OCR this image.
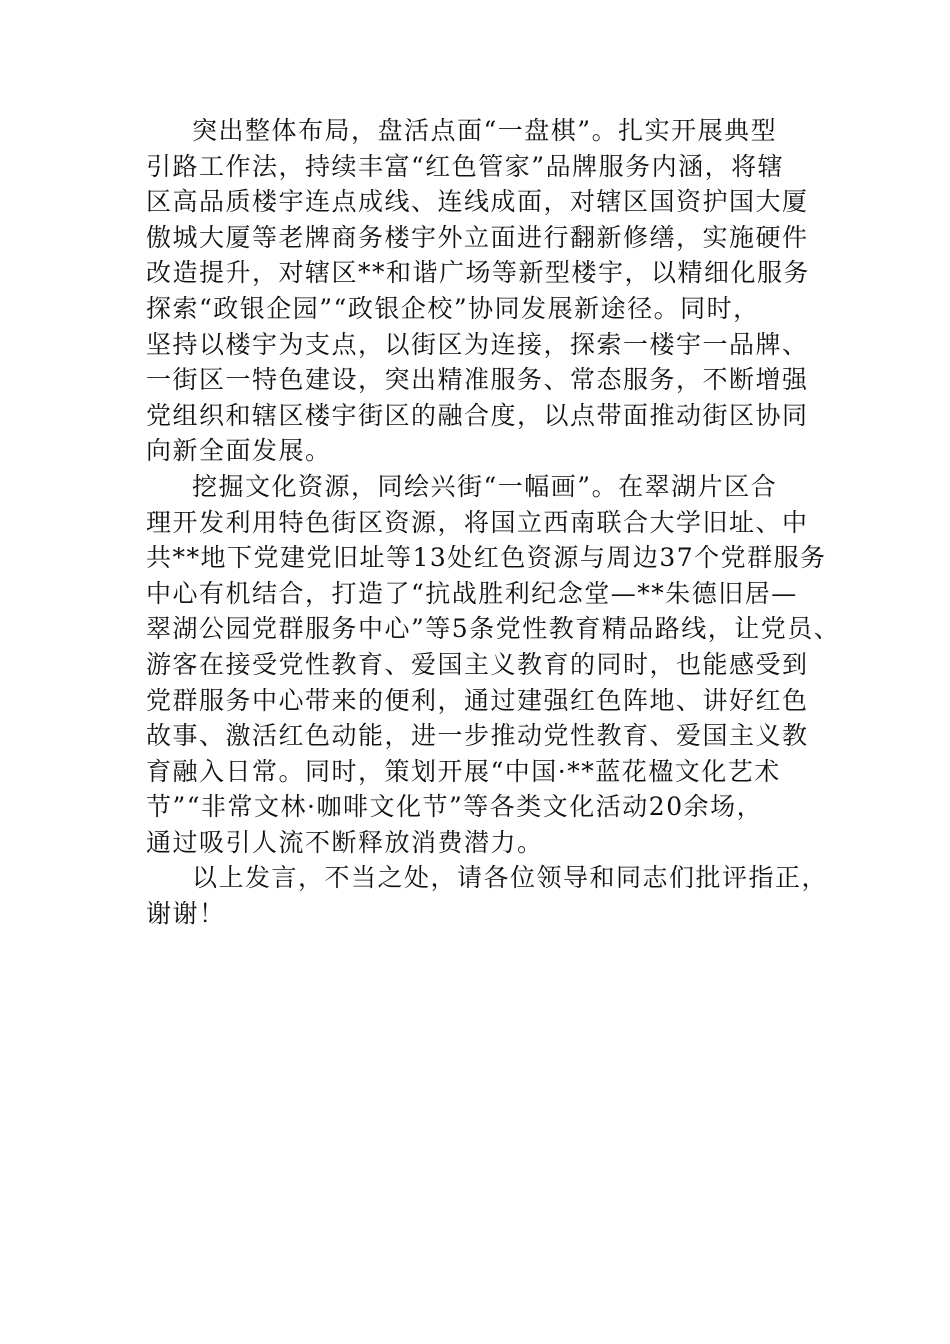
突出整体布局，盘活点面“一盘棋”。扎实开展典型
引路工作法，持续丰富“红色管家”品牌服务内涵，将辖
区高品质楼宇连点成线、连线成面，对辖区国资护国大厦
傲城大厦等老牌商务楼宇外立面进行翻新修缮，实施硬件
改造提升，对辖区**和谐广场等新型楼宇，以精细化服务
探索“政银企园”“政银企校”协同发展新途径。同时，
坚持以楼宇为支点，以街区为连接，探索一楼宇一品牌、
一街区一特色建设，突出精准服务、常态服务，不断增强
党组织和辖区楼宇街区的融合度，以点带面推动街区协同
向新全面发展。
挖掘文化资源，同绘兴街“一幅画”。在翠湖片区合
理开发利用特色街区资源，将国立西南联合大学旧址、中
共**地下党建党旧址等13处红色资源与周边37个党群服务
中心有机结合，打造了“抗战胜利纪念堂—**朱德旧居—
翠湖公园党群服务中心”等5条党性教育精品路线，让党员、
游客在接受党性教育、爱国主义教育的同时，也能感受到
党群服务中心带来的便利，通过建强红色阵地、讲好红色
故事、激活红色动能，进一步推动党性教育、爱国主义教
育融入日常。同时，策划开展“中国·**蓝花楹文化艺术
节”“非常文林·咖啡文化节”等各类文化活动20余场，
通过吸引人流不断释放消费潜力。
以上发言，不当之处，请各位领导和同志们批评指正，
谢谢！
